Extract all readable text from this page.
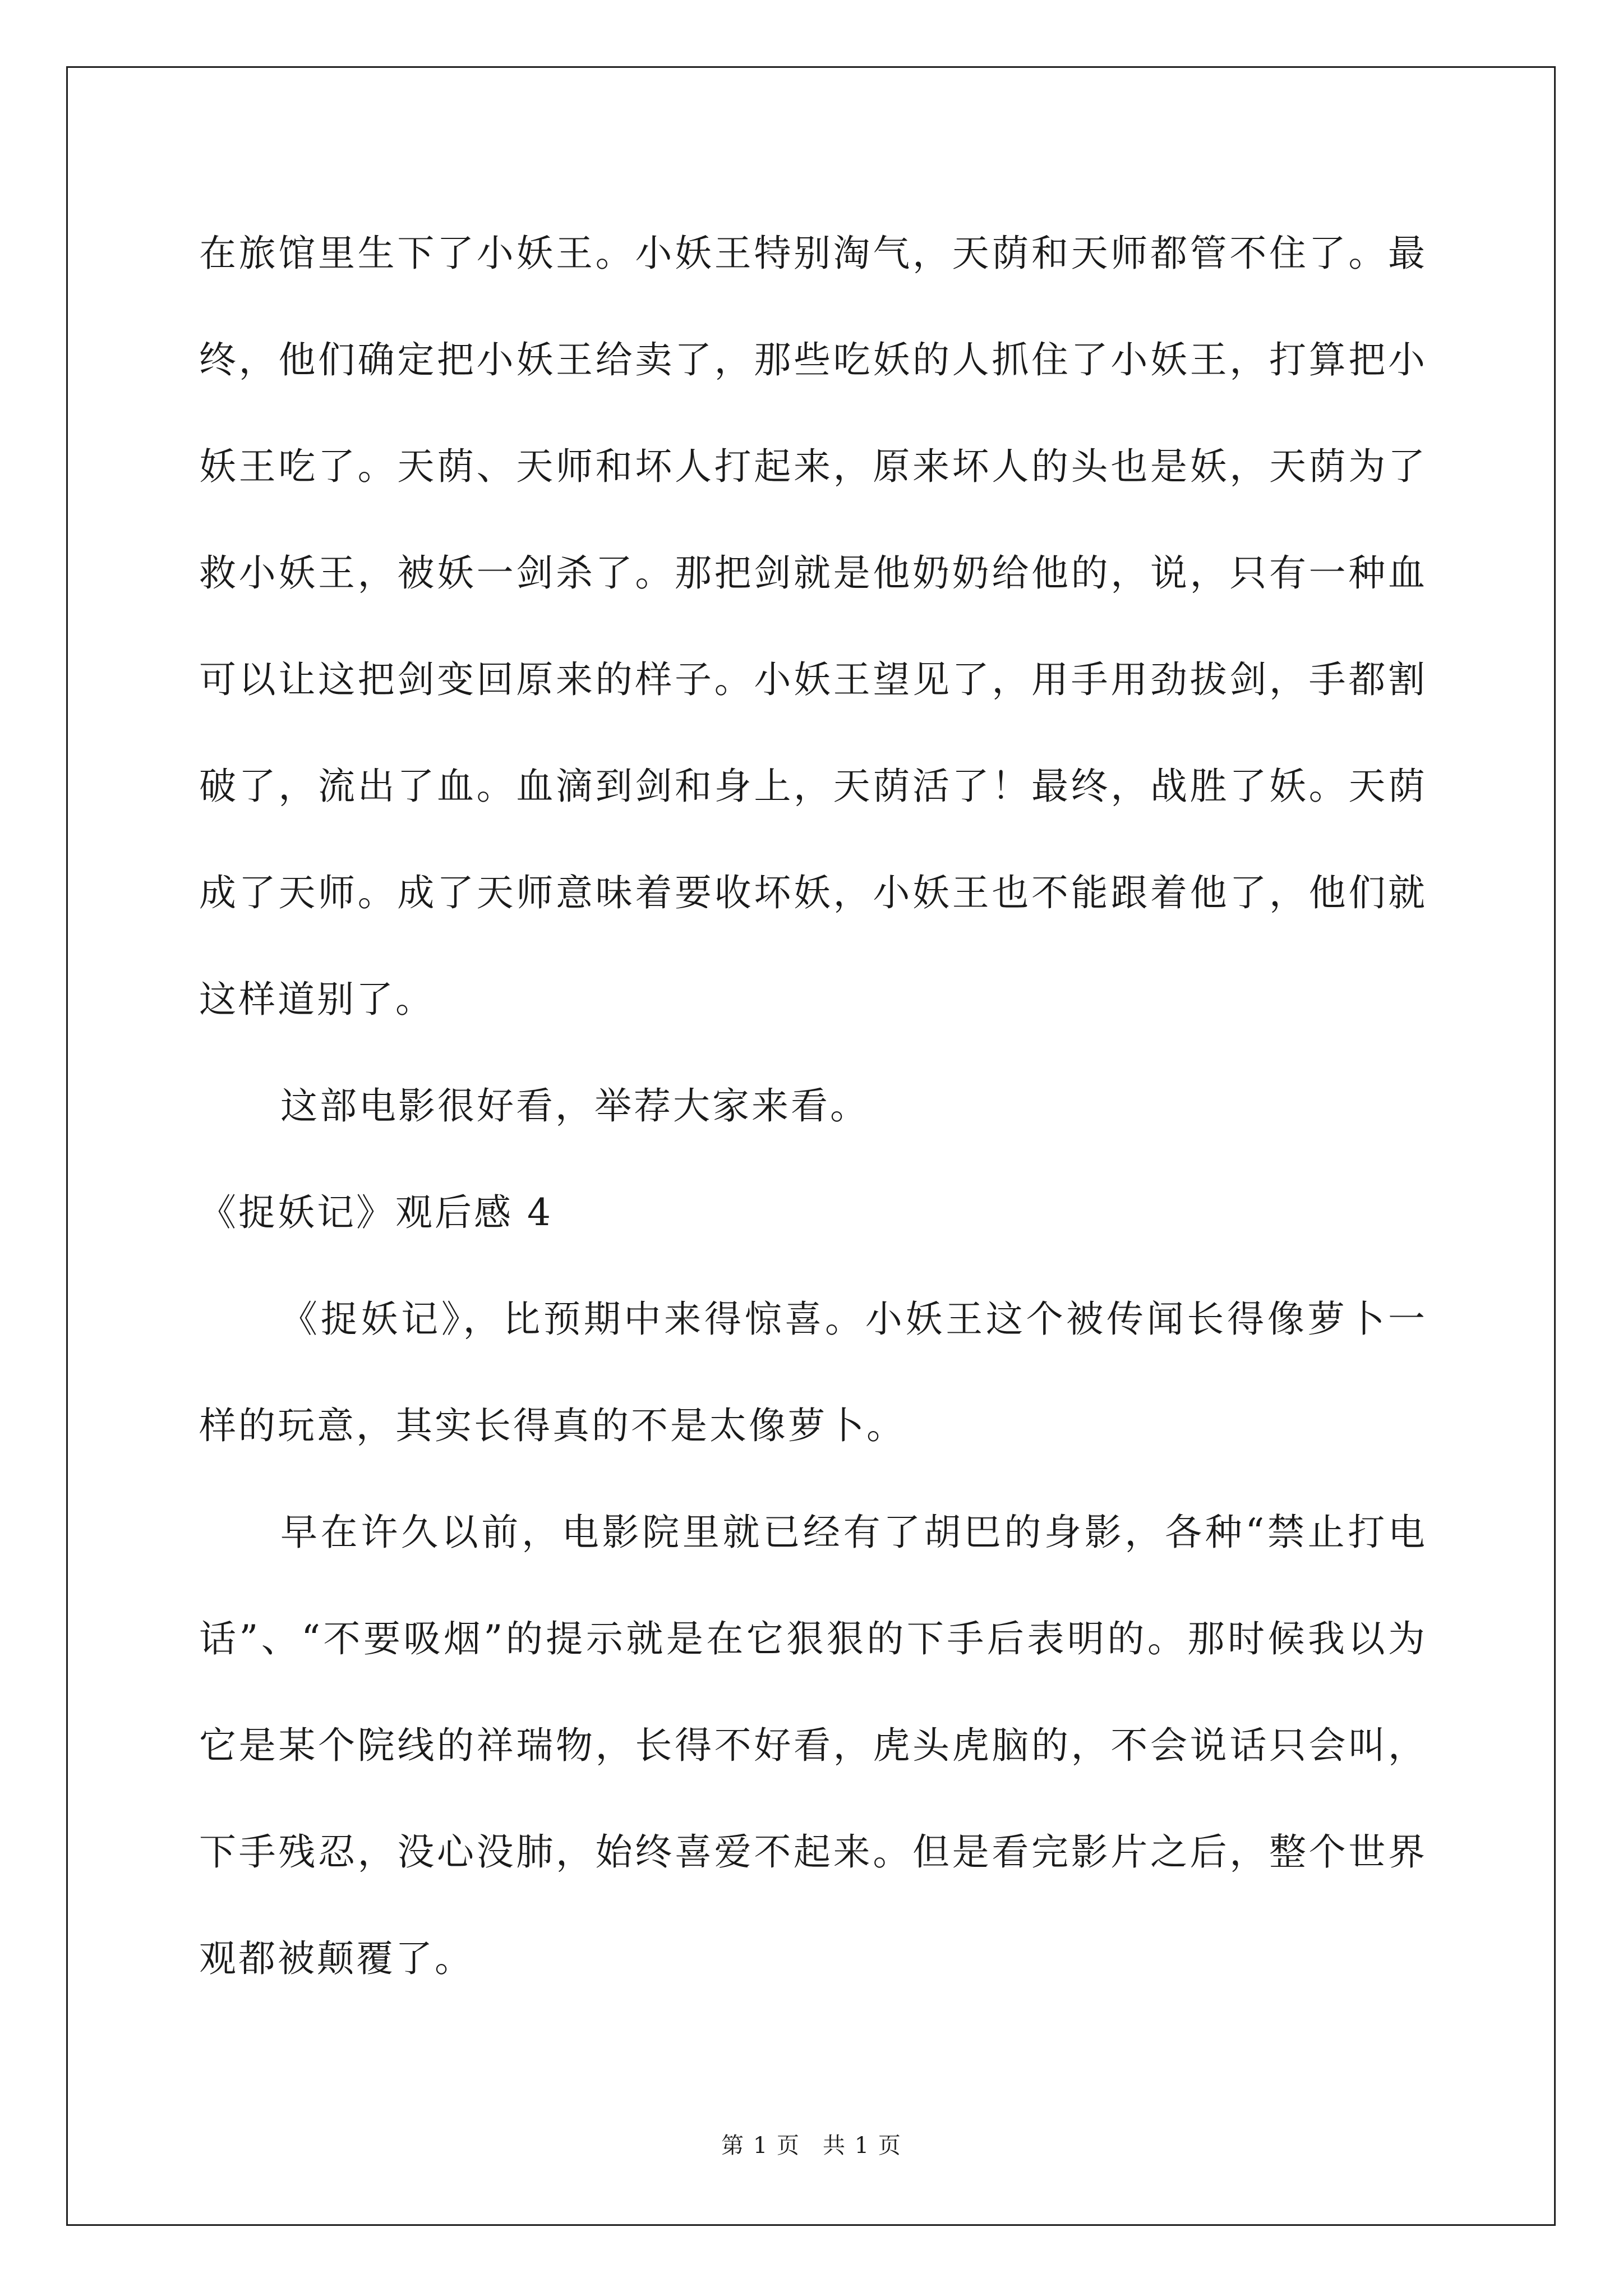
在旅馆里生下了小妖王。小妖王特别淘气，天荫和天师都管不住了。最终，他们确定把小妖王给卖了，那些吃妖的人抓住了小妖王，打算把小妖王吃了。天荫、天师和坏人打起来，原来坏人的头也是妖，天荫为了救小妖王，被妖一剑杀了。那把剑就是他奶奶给他的，说，只有一种血可以让这把剑变回原来的样子。小妖王望见了，用手用劲拔剑，手都割破了，流出了血。血滴到剑和身上，天荫活了！最终，战胜了妖。天荫成了天师。成了天师意味着要收坏妖，小妖王也不能跟着他了，他们就这样道别了。

这部电影很好看，举荐大家来看。

《捉妖记》观后感 4

《捉妖记》，比预期中来得惊喜。小妖王这个被传闻长得像萝卜一样的玩意，其实长得真的不是太像萝卜。

早在许久以前，电影院里就已经有了胡巴的身影，各种“禁止打电话”、“不要吸烟”的提示就是在它狠狠的下手后表明的。那时候我以为它是某个院线的祥瑞物，长得不好看，虎头虎脑的，不会说话只会叫，下手残忍，没心没肺，始终喜爱不起来。但是看完影片之后，整个世界观都被颠覆了。

第 1 页 共 1 页
